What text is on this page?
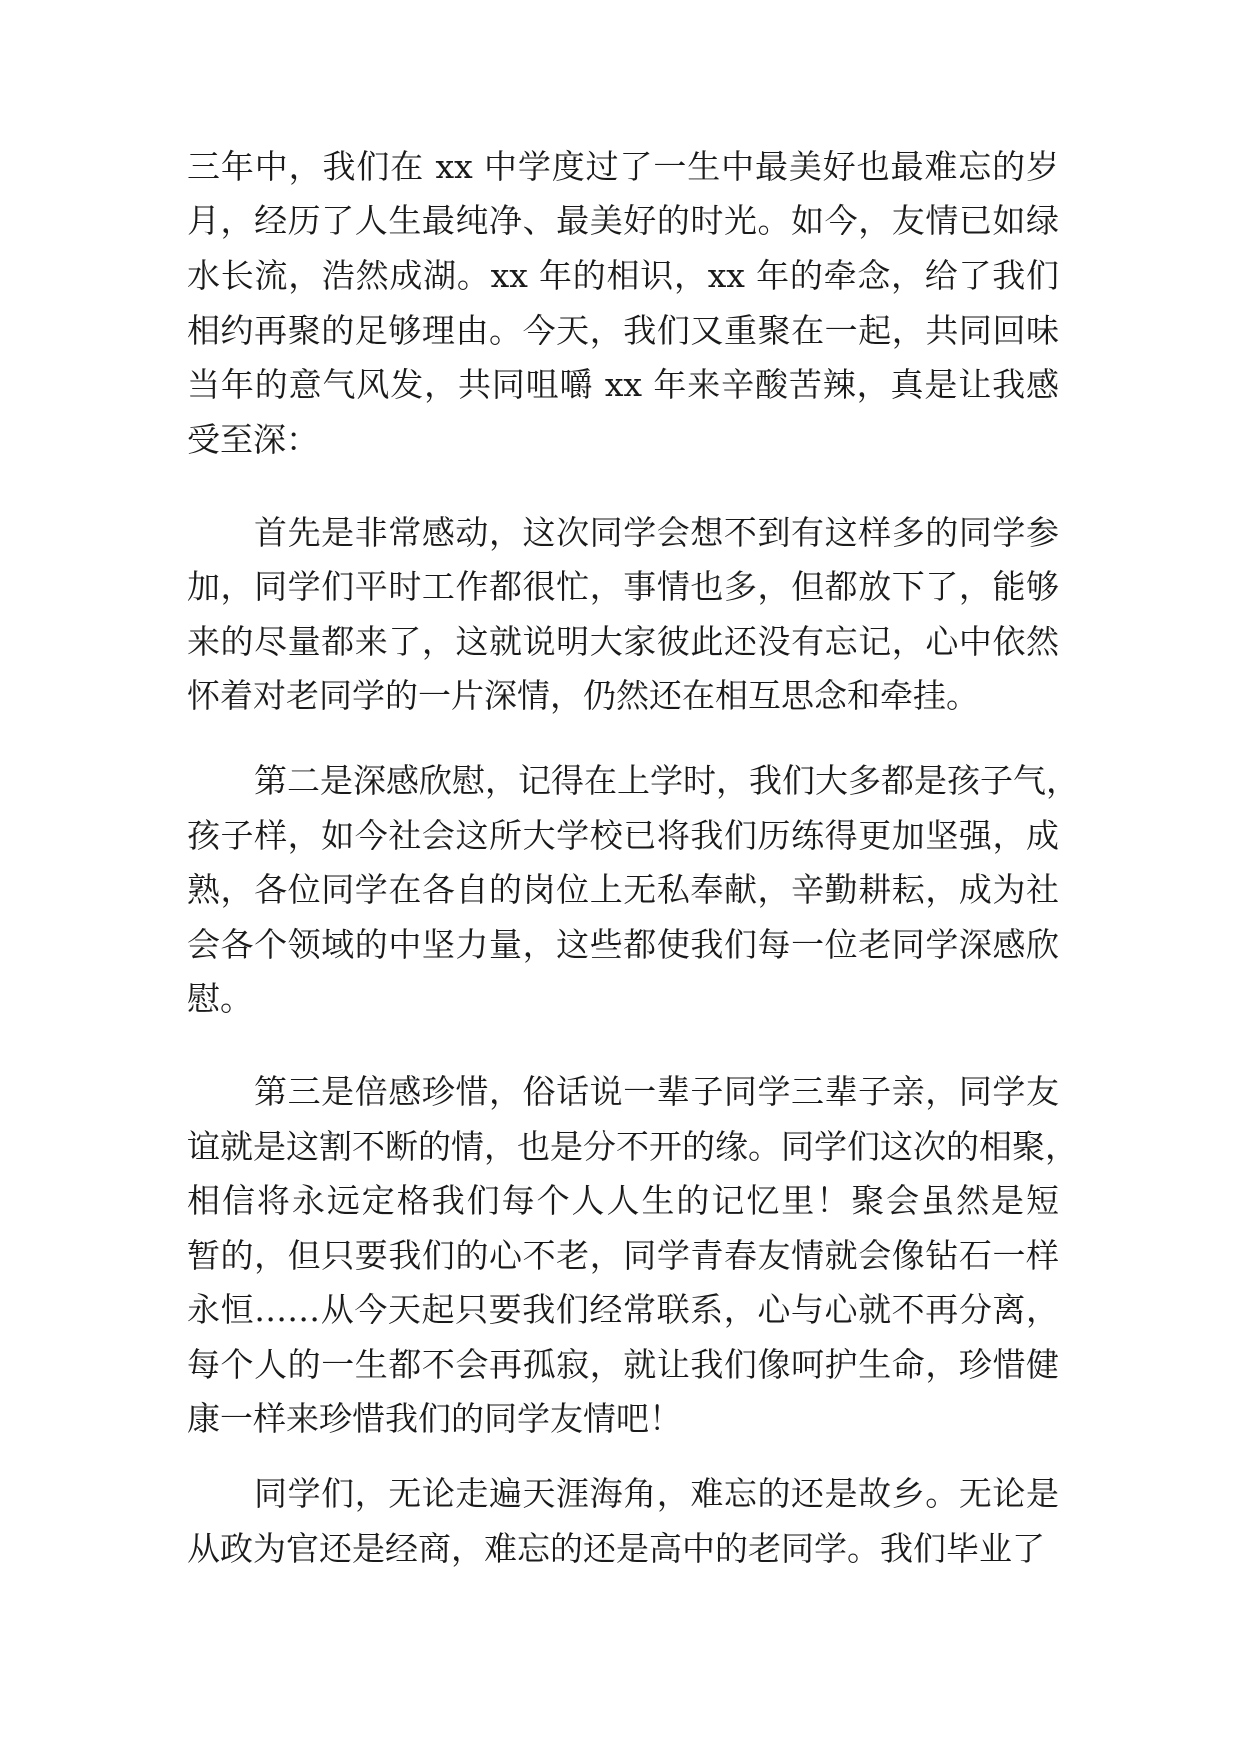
三年中，我们在 xx 中学度过了一生中最美好也最难忘的岁
月，经历了人生最纯净、最美好的时光。如今，友情已如绿
水长流，浩然成湖。xx 年的相识，xx 年的牵念，给了我们
相约再聚的足够理由。今天，我们又重聚在一起，共同回味
当年的意气风发，共同咀嚼 xx 年来辛酸苦辣，真是让我感
受至深：
首先是非常感动，这次同学会想不到有这样多的同学参
加，同学们平时工作都很忙，事情也多，但都放下了，能够
来的尽量都来了，这就说明大家彼此还没有忘记，心中依然
怀着对老同学的一片深情，仍然还在相互思念和牵挂。
第二是深感欣慰，记得在上学时，我们大多都是孩子气，
孩子样，如今社会这所大学校已将我们历练得更加坚强，成
熟，各位同学在各自的岗位上无私奉献，辛勤耕耘，成为社
会各个领域的中坚力量，这些都使我们每一位老同学深感欣
慰。
第三是倍感珍惜，俗话说一辈子同学三辈子亲，同学友
谊就是这割不断的情，也是分不开的缘。同学们这次的相聚，
相信将永远定格我们每个人人生的记忆里！聚会虽然是短
暂的，但只要我们的心不老，同学青春友情就会像钻石一样
永恒……从今天起只要我们经常联系，心与心就不再分离，
每个人的一生都不会再孤寂，就让我们像呵护生命，珍惜健
康一样来珍惜我们的同学友情吧！
同学们，无论走遍天涯海角，难忘的还是故乡。无论是
从政为官还是经商，难忘的还是高中的老同学。我们毕业了
